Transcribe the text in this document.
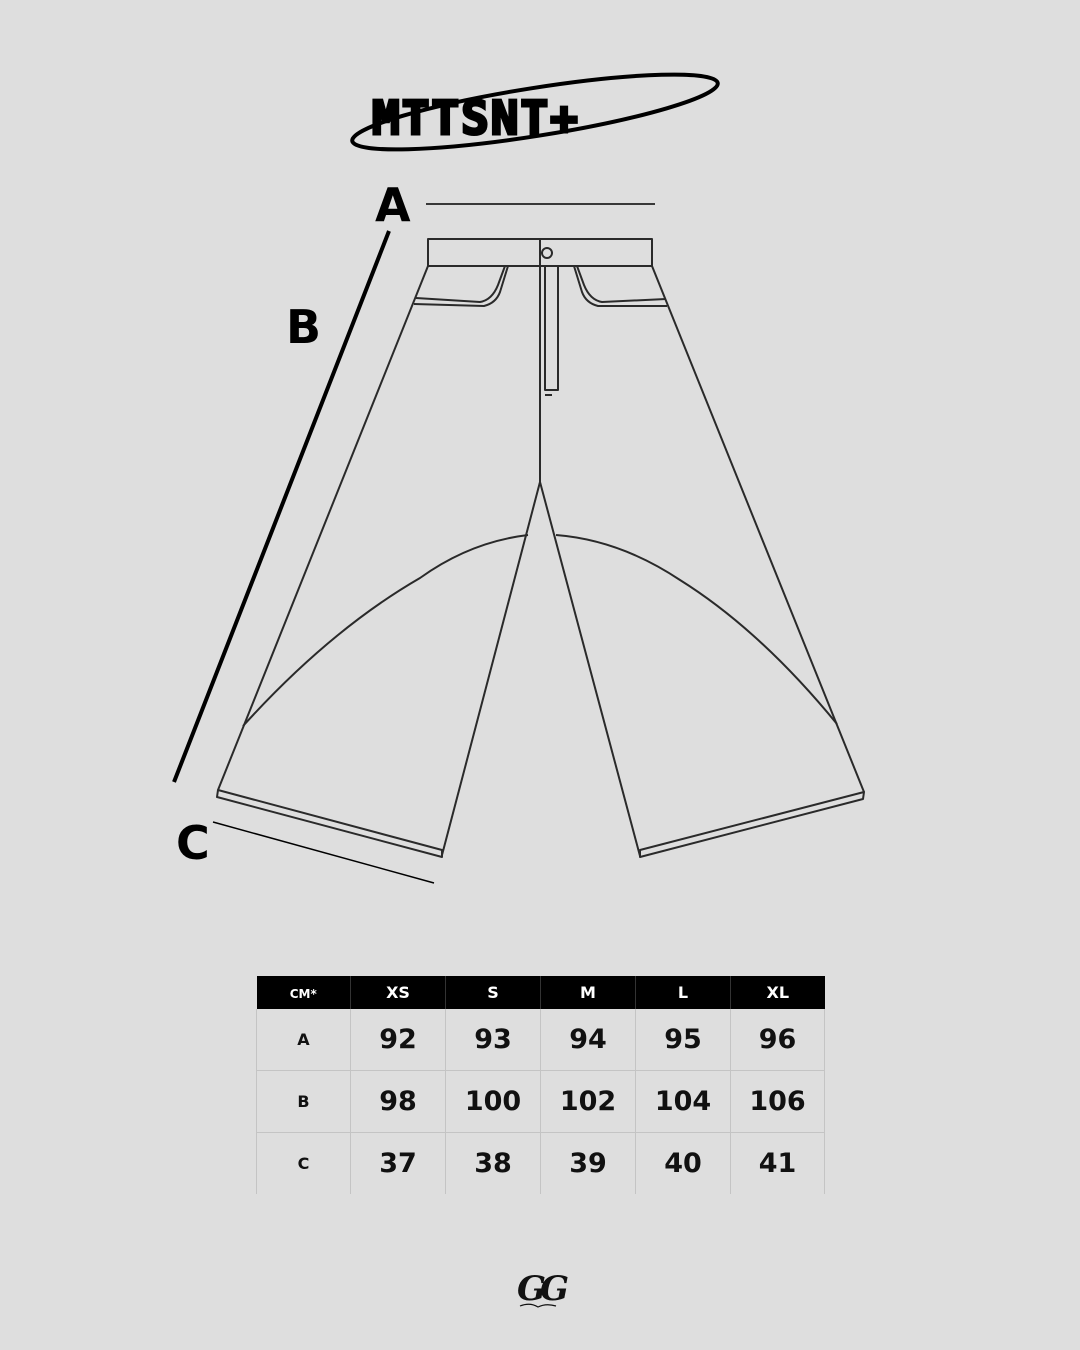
MTTSNT+
A
B
C
CM*	XS	S	M	L	XL
A	92	93	94	95	96
B	98	100	102	104	106
C	37	38	39	40	41
GG
